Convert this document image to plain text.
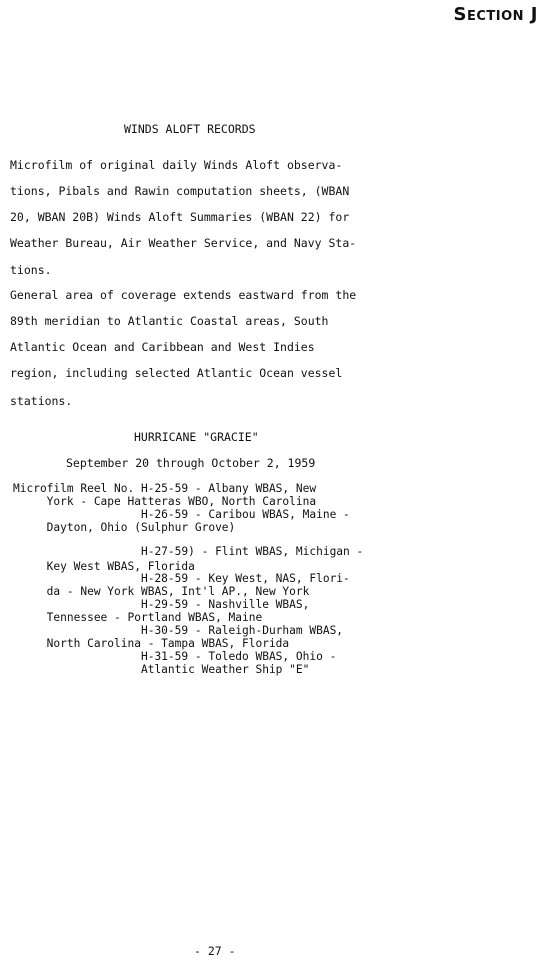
Section J
WINDS ALOFT RECORDS
Microfilm of original daily Winds Aloft observa-
tions, Pibals and Rawin computation sheets, (WBAN
20, WBAN 20B) Winds Aloft Summaries (WBAN 22) for
Weather Bureau, Air Weather Service, and Navy Sta-
tions.
General area of coverage extends eastward from the
89th meridian to Atlantic Coastal areas, South
Atlantic Ocean and Caribbean and West Indies
region, including selected Atlantic Ocean vessel
stations.
HURRICANE "GRACIE"
September 20 through October 2, 1959
Microfilm Reel No. H-25-59 - Albany WBAS, New
York - Cape Hatteras WBO, North Carolina
H-26-59 - Caribou WBAS, Maine -
Dayton, Ohio (Sulphur Grove)
H-27-59) - Flint WBAS, Michigan -
Key West WBAS, Florida
H-28-59 - Key West, NAS, Flori-
da - New York WBAS, Int'l AP., New York
H-29-59 - Nashville WBAS,
Tennessee - Portland WBAS, Maine
H-30-59 - Raleigh-Durham WBAS,
North Carolina - Tampa WBAS, Florida
H-31-59 - Toledo WBAS, Ohio -
Atlantic Weather Ship "E"
- 27 -
